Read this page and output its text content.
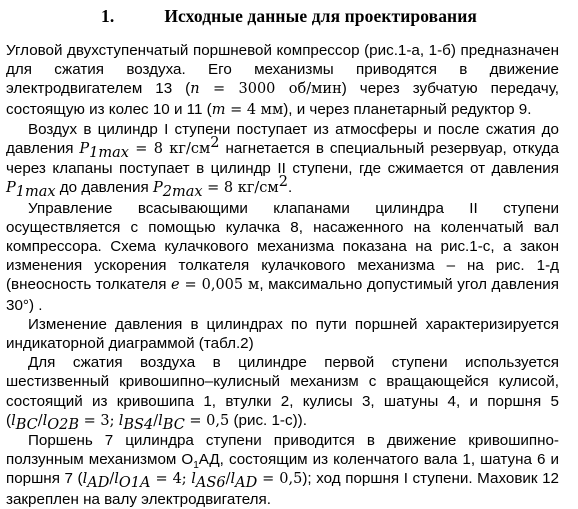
1.	Исходные данные для проектирования

Угловой двухступенчатый поршневой компрессор (рис.1-а, 1-б) предназначен для сжатия воздуха. Его механизмы приводятся в движение электродвигателем 13 (n = 3000 об/мин) через зубчатую передачу, состоящую из колес 10 и 11 (m = 4 мм), и через планетарный редуктор 9.

Воздух в цилиндр I ступени поступает из атмосферы и после сжатия до давления $P_{1max} = 8$ $кг/см^2$ нагнетается в специальный резервуар, откуда через клапаны поступает в цилиндр II ступени, где сжимается от давления $P_{1max}$ до давления $P_{2max} = 8$ $кг/см^2$.

Управление всасывающими клапанами цилиндра II ступени осуществляется с помощью кулачка 8, насаженного на коленчатый вал компрессора. Схема кулачкового механизма показана на рис.1-с, а закон изменения ускорения толкателя кулачкового механизма – на рис. 1-д (внеосность толкателя e = 0,005 м, максимально допустимый угол давления 30°) .

Изменение давления в цилиндрах по пути поршней характеризируется индикаторной диаграммой (табл.2)

Для сжатия воздуха в цилиндре первой ступени используется шестизвенный кривошипно–кулисный механизм с вращающейся кулисой, состоящий из кривошипа 1, втулки 2, кулисы 3, шатуны 4, и поршня 5 ($l_{BC}/l_{O2B} = 3$; $l_{BS4}/l_{BC} = 0,5$ (рис. 1-с)).

Поршень 7 цилиндра ступени приводится в движение кривошипно-ползунным механизмом $O_1АД$, состоящим из коленчатого вала 1, шатуна 6 и поршня 7 ($l_{AD}/l_{O1A} = 4$; $l_{AS6}/l_{AD} = 0,5$); ход поршня I ступени. Маховик 12 закреплен на валу электродвигателя.
